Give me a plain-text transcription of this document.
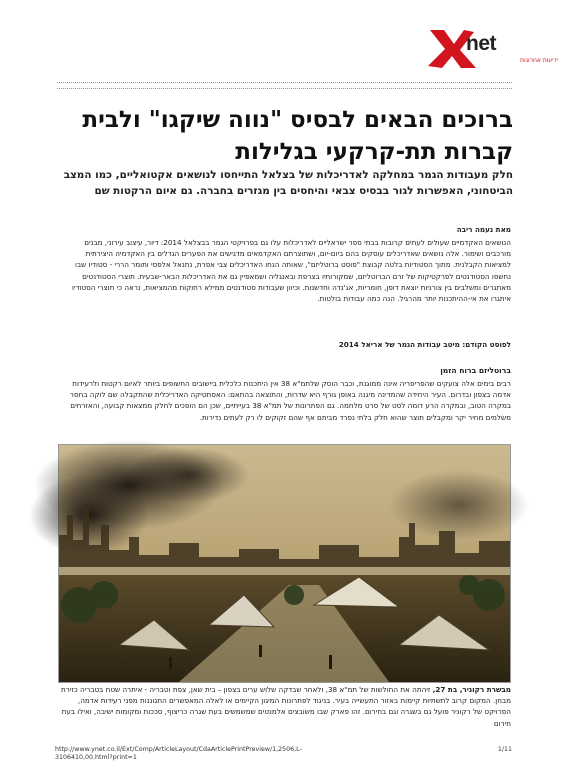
net
ידיעות אחרונות
ברוכים הבאים לבסיס "נווה שיקגו" ולבית קברות תת-קרקעי בגלילות
חלק מעבודות הגמר במחלקה לאדריכלות של בצלאל התייחסו לנושאים אקטואליים, כמו המצב הביטחוני, האפשרות לגור בבסיס צבאי והיחסים בין מגזרים בחברה. גם איום הרקטות שם
מאת נעמה ריבה
הנושאים האקדמיים שעולים לעתים קרובות בבתי ספר ישראליים לאדריכלות עלו גם בפרויקטי הגמר בבצלאל 2014: דיור, עיצוב עירוני, מבנים מורכבים ושימור. אלה נושאים שאדריכלים עוסקים בהם ביום-יום, ושתוצרתם האקדמאים מדגישים את הפערים הגדלים בין האקדמיה היצירתית למציאות הקבלנית. מתוך הסטודיות בלטה קבוצת "פוסט ברוטליזם", שאותה הנחו האדריכלים צבי אפרת, נתנאל אלפסי ותומר הררי - סטודיו שבו נחשפו הסטודנטים לפרקטיקות של זרם הברוטליזם, שמקורותיו בצרפת ובאנגליה ושמאפיין גם את האדריכלות הבאר-שבעית. תוצרי הסטודנטים מאתגרים ומשלבים בין צורניות יוצאת דופן, חומריות, אג'נדה וחדשנות. וכיוון שעבודות סטודנטים ממילא רחוקות מהמציאות, נראה כי תוצרי הסטודיו איתגרו את אי-ההיתכנות יותר מהרגיל. הנה כמה עבודות בולטות.
לפוסט הקודם: מיטב עבודות הגמר של אריאל 2014
ברוטליזם ברוח הזמן
רבים בימים אלה צועקים שהפריפריה אינה ממוגנת, וכבר הוסק שלתמ"א 38 אין היתכנות כלכלית ביישובים החשופים ביותר לאיום רקטות ולרעידות אדמה בצפון ובדרום. העיר היחידה שהמדינה מיגנה באופן גורף היא שדרות, והתוצאה בהתאם: האסתטיקה האדריכלית שהתקבלה שם לוקה בחסר במקרה הטוב, ובמקרה הרע דומה לסט של סרט מלחמה. גם הפתרונות של תמ"א 38 בעייתיים, שכן הם הופכים לחלק ממצאות קבועה, והאזרחים משלמים מחיר יקר ומקבלים תוצר שהוא חלק בלתי נפרד מביתם אף שהם זקוקים לו רק לעתים נדירות.
מבשרת רקוניר, בת 27, זיהתה את החולשות של תמ"א 38, ולאחר שבדקה שלוש ערים בצפון – בית שאן, צפת וטבריה - איתרה שטח בטבריה כזירת מבחן. המקום קרוב לתשתיות קיימות באזור התעשייה בעיר. בניגוד לפתרונות המיגון הקיימים או לאלה המאפשרים התגוננות מפני רעידות אדמה, הפרויקט של רקוניר פועל גם בשגרה וגם בחירום. זהו פארק שבו משובצים אלמנטים שמשמשים בעת שגרה כריצוף, סככות ומקומות ישיבה, ואילו בעת חירום
http://www.ynet.co.il/Ext/Comp/ArticleLayout/CdaArticlePrintPreview/1,2506,L-3106410,00.html?print=1
1/11
